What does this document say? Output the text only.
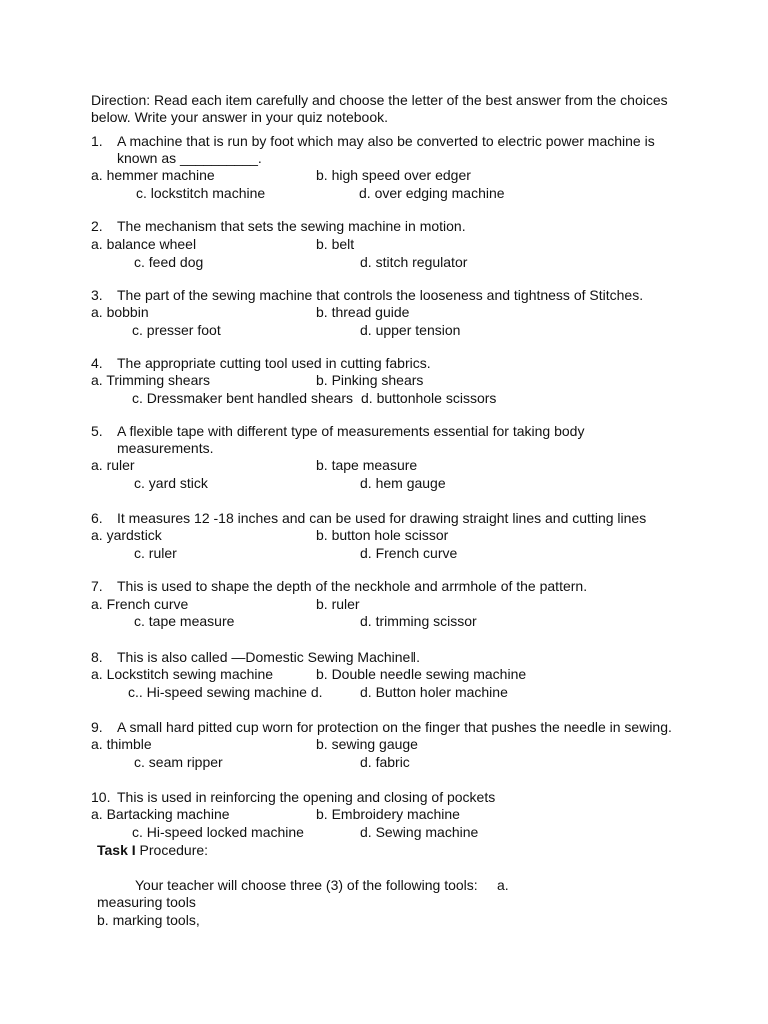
Direction: Read each item carefully and choose the letter of the best answer from the choices below. Write your answer in your quiz notebook.
1. A machine that is run by foot which may also be converted to electric power machine is known as __________.
a. hemmer machine	b. high speed over edger
c. lockstitch machine	d. over edging machine
2. The mechanism that sets the sewing machine in motion.
a. balance wheel	b. belt
c. feed dog	d. stitch regulator
3. The part of the sewing machine that controls the looseness and tightness of Stitches.
a. bobbin	b. thread guide
c. presser foot	d. upper tension
4. The appropriate cutting tool used in cutting fabrics.
a. Trimming shears	b. Pinking shears
c. Dressmaker bent handled shears d. buttonhole scissors
5. A flexible tape with different type of measurements essential for taking body measurements.
a. ruler	b. tape measure
c. yard stick	d. hem gauge
6. It measures 12 -18 inches and can be used for drawing straight lines and cutting lines
a. yardstick	b. button hole scissor
c. ruler	d. French curve
7. This is used to shape the depth of the neckhole and arrmhole of the pattern.
a. French curve	b. ruler
c. tape measure	d. trimming scissor
8. This is also called ―Domestic Sewing Machine‖.
a. Lockstitch sewing machine	b. Double needle sewing machine
c.. Hi-speed sewing machine d.	d. Button holer machine
9. A small hard pitted cup worn for protection on the finger that pushes the needle in sewing.
a. thimble	b. sewing gauge
c. seam ripper	d. fabric
10. This is used in reinforcing the opening and closing of pockets
a. Bartacking machine	b. Embroidery machine
c. Hi-speed locked machine	d. Sewing machine
Task I Procedure:
Your teacher will choose three (3) of the following tools: a.
measuring tools
b. marking tools,
